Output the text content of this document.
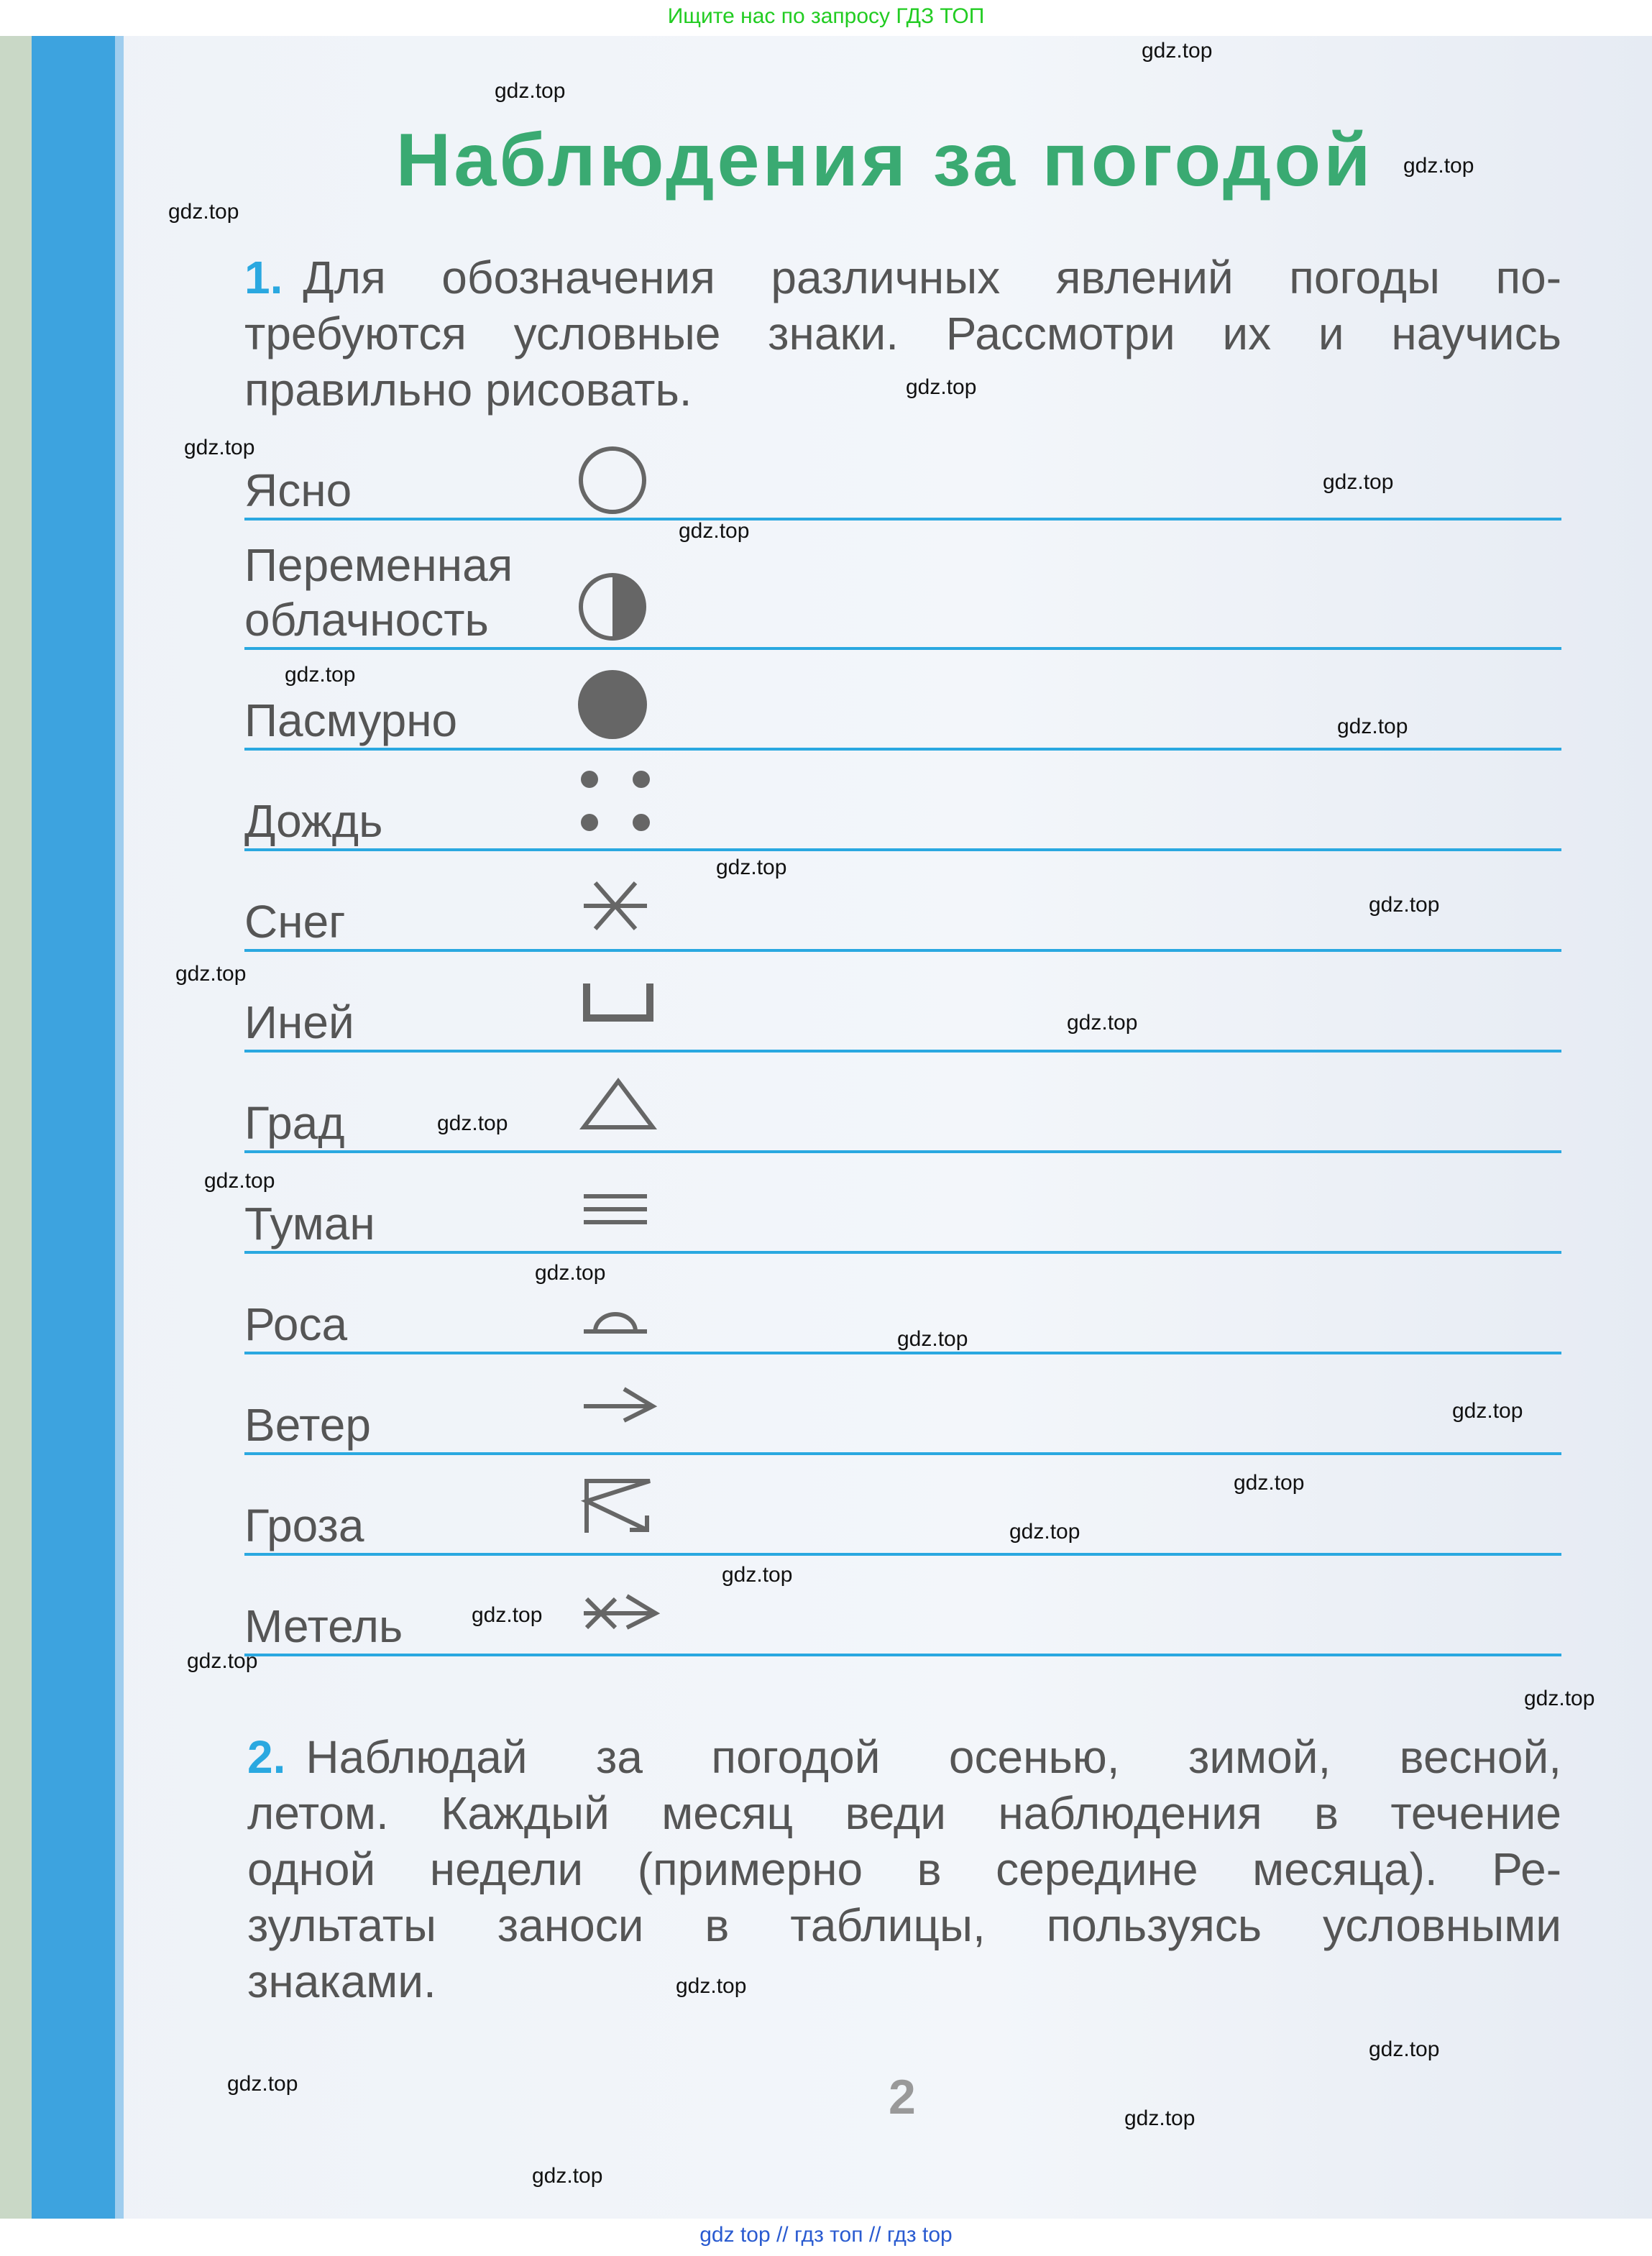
Ищите нас по запросу ГДЗ ТОП
Наблюдения за погодой
1. Для обозначения различных явлений погоды по-
требуются условные знаки. Рассмотри их и научись
правильно рисовать.
Ясно
Переменная
облачность
Пасмурно
Дождь
Снег
Иней
Град
Туман
Роса
Ветер
Гроза
Метель
2. Наблюдай за погодой осенью, зимой, весной,
летом. Каждый месяц веди наблюдения в течение
одной недели (примерно в середине месяца). Ре-
зультаты заноси в таблицы, пользуясь условными
знаками.
2
gdz.top
gdz.top
gdz.top
gdz.top
gdz.top
gdz.top
gdz.top
gdz.top
gdz.top
gdz.top
gdz.top
gdz.top
gdz.top
gdz.top
gdz.top
gdz.top
gdz.top
gdz.top
gdz.top
gdz.top
gdz.top
gdz.top
gdz.top
gdz.top
gdz.top
gdz.top
gdz.top
gdz.top
gdz.top
gdz.top
gdz top // гдз топ // гдз top
